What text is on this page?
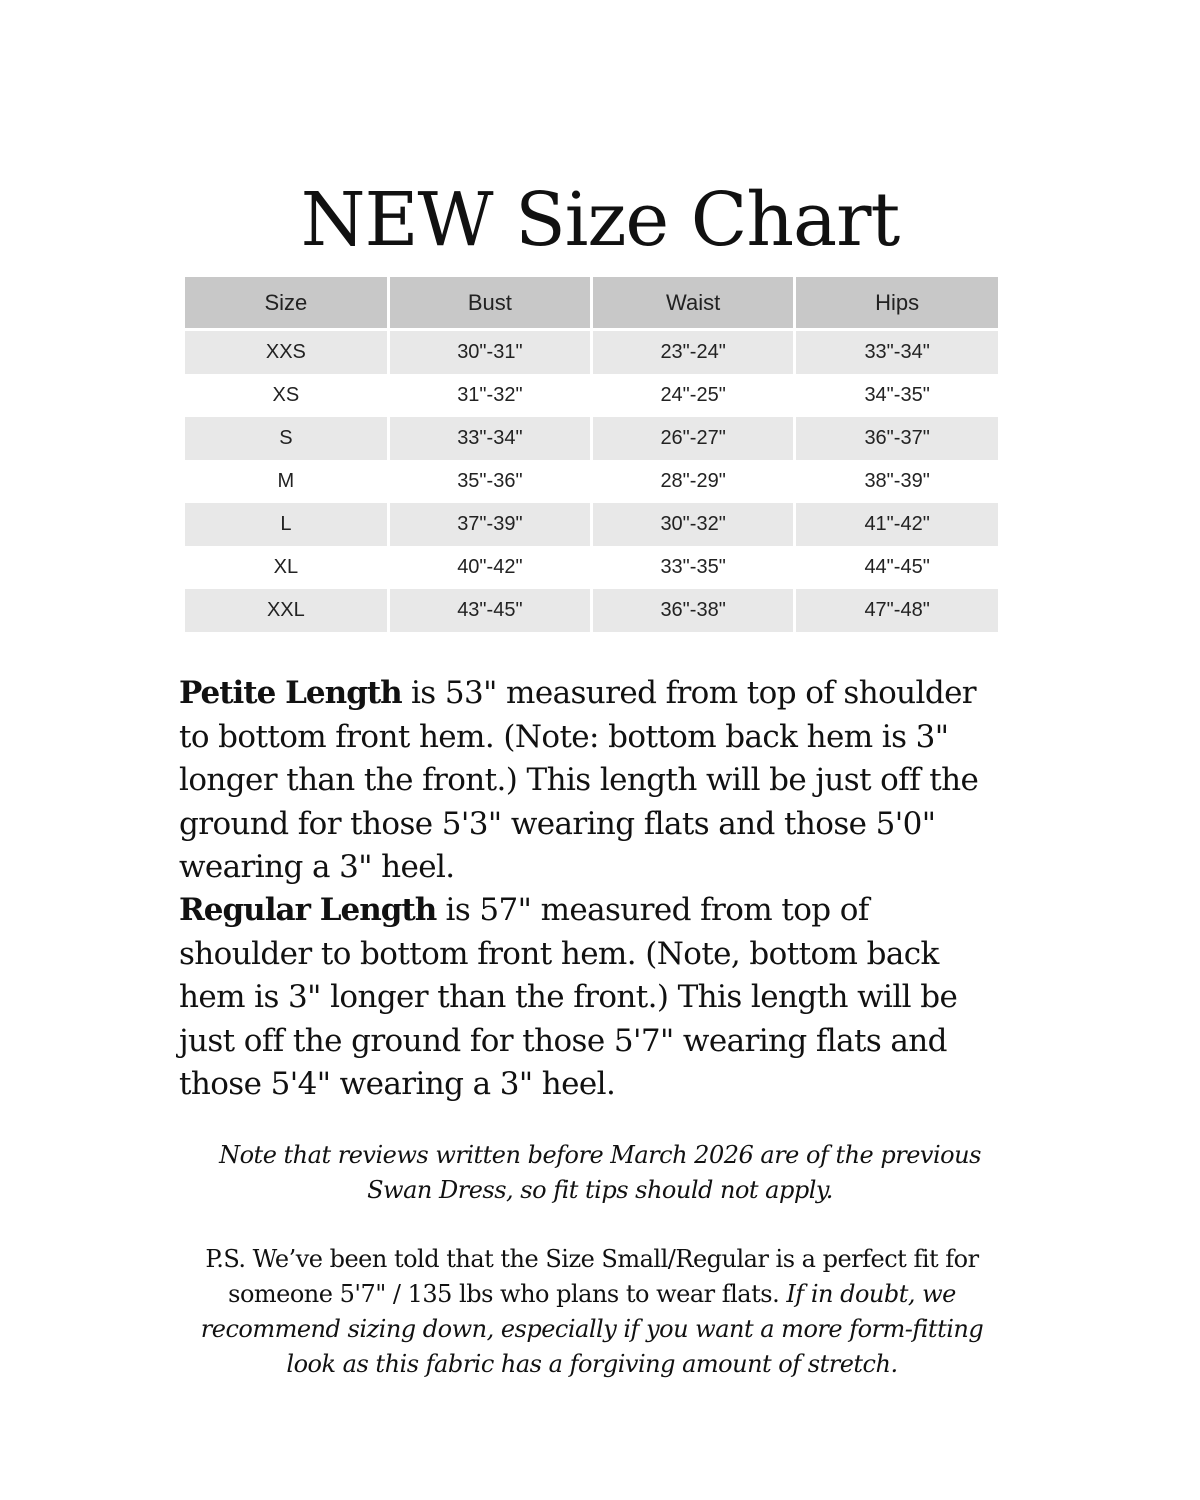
NEW Size Chart
Size	Bust	Waist	Hips
XXS	30"-31"	23"-24"	33"-34"
XS	31"-32"	24"-25"	34"-35"
S	33"-34"	26"-27"	36"-37"
M	35"-36"	28"-29"	38"-39"
L	37"-39"	30"-32"	41"-42"
XL	40"-42"	33"-35"	44"-45"
XXL	43"-45"	36"-38"	47"-48"

Petite Length is 53" measured from top of shoulder to bottom front hem. (Note: bottom back hem is 3" longer than the front.) This length will be just off the ground for those 5'3" wearing flats and those 5'0" wearing a 3" heel.

Regular Length is 57" measured from top of shoulder to bottom front hem. (Note, bottom back hem is 3" longer than the front.) This length will be just off the ground for those 5'7" wearing flats and those 5'4" wearing a 3" heel.

Note that reviews written before March 2026 are of the previous Swan Dress, so fit tips should not apply.

P.S. We’ve been told that the Size Small/Regular is a perfect fit for someone 5'7" / 135 lbs who plans to wear flats. If in doubt, we recommend sizing down, especially if you want a more form-fitting look as this fabric has a forgiving amount of stretch.
